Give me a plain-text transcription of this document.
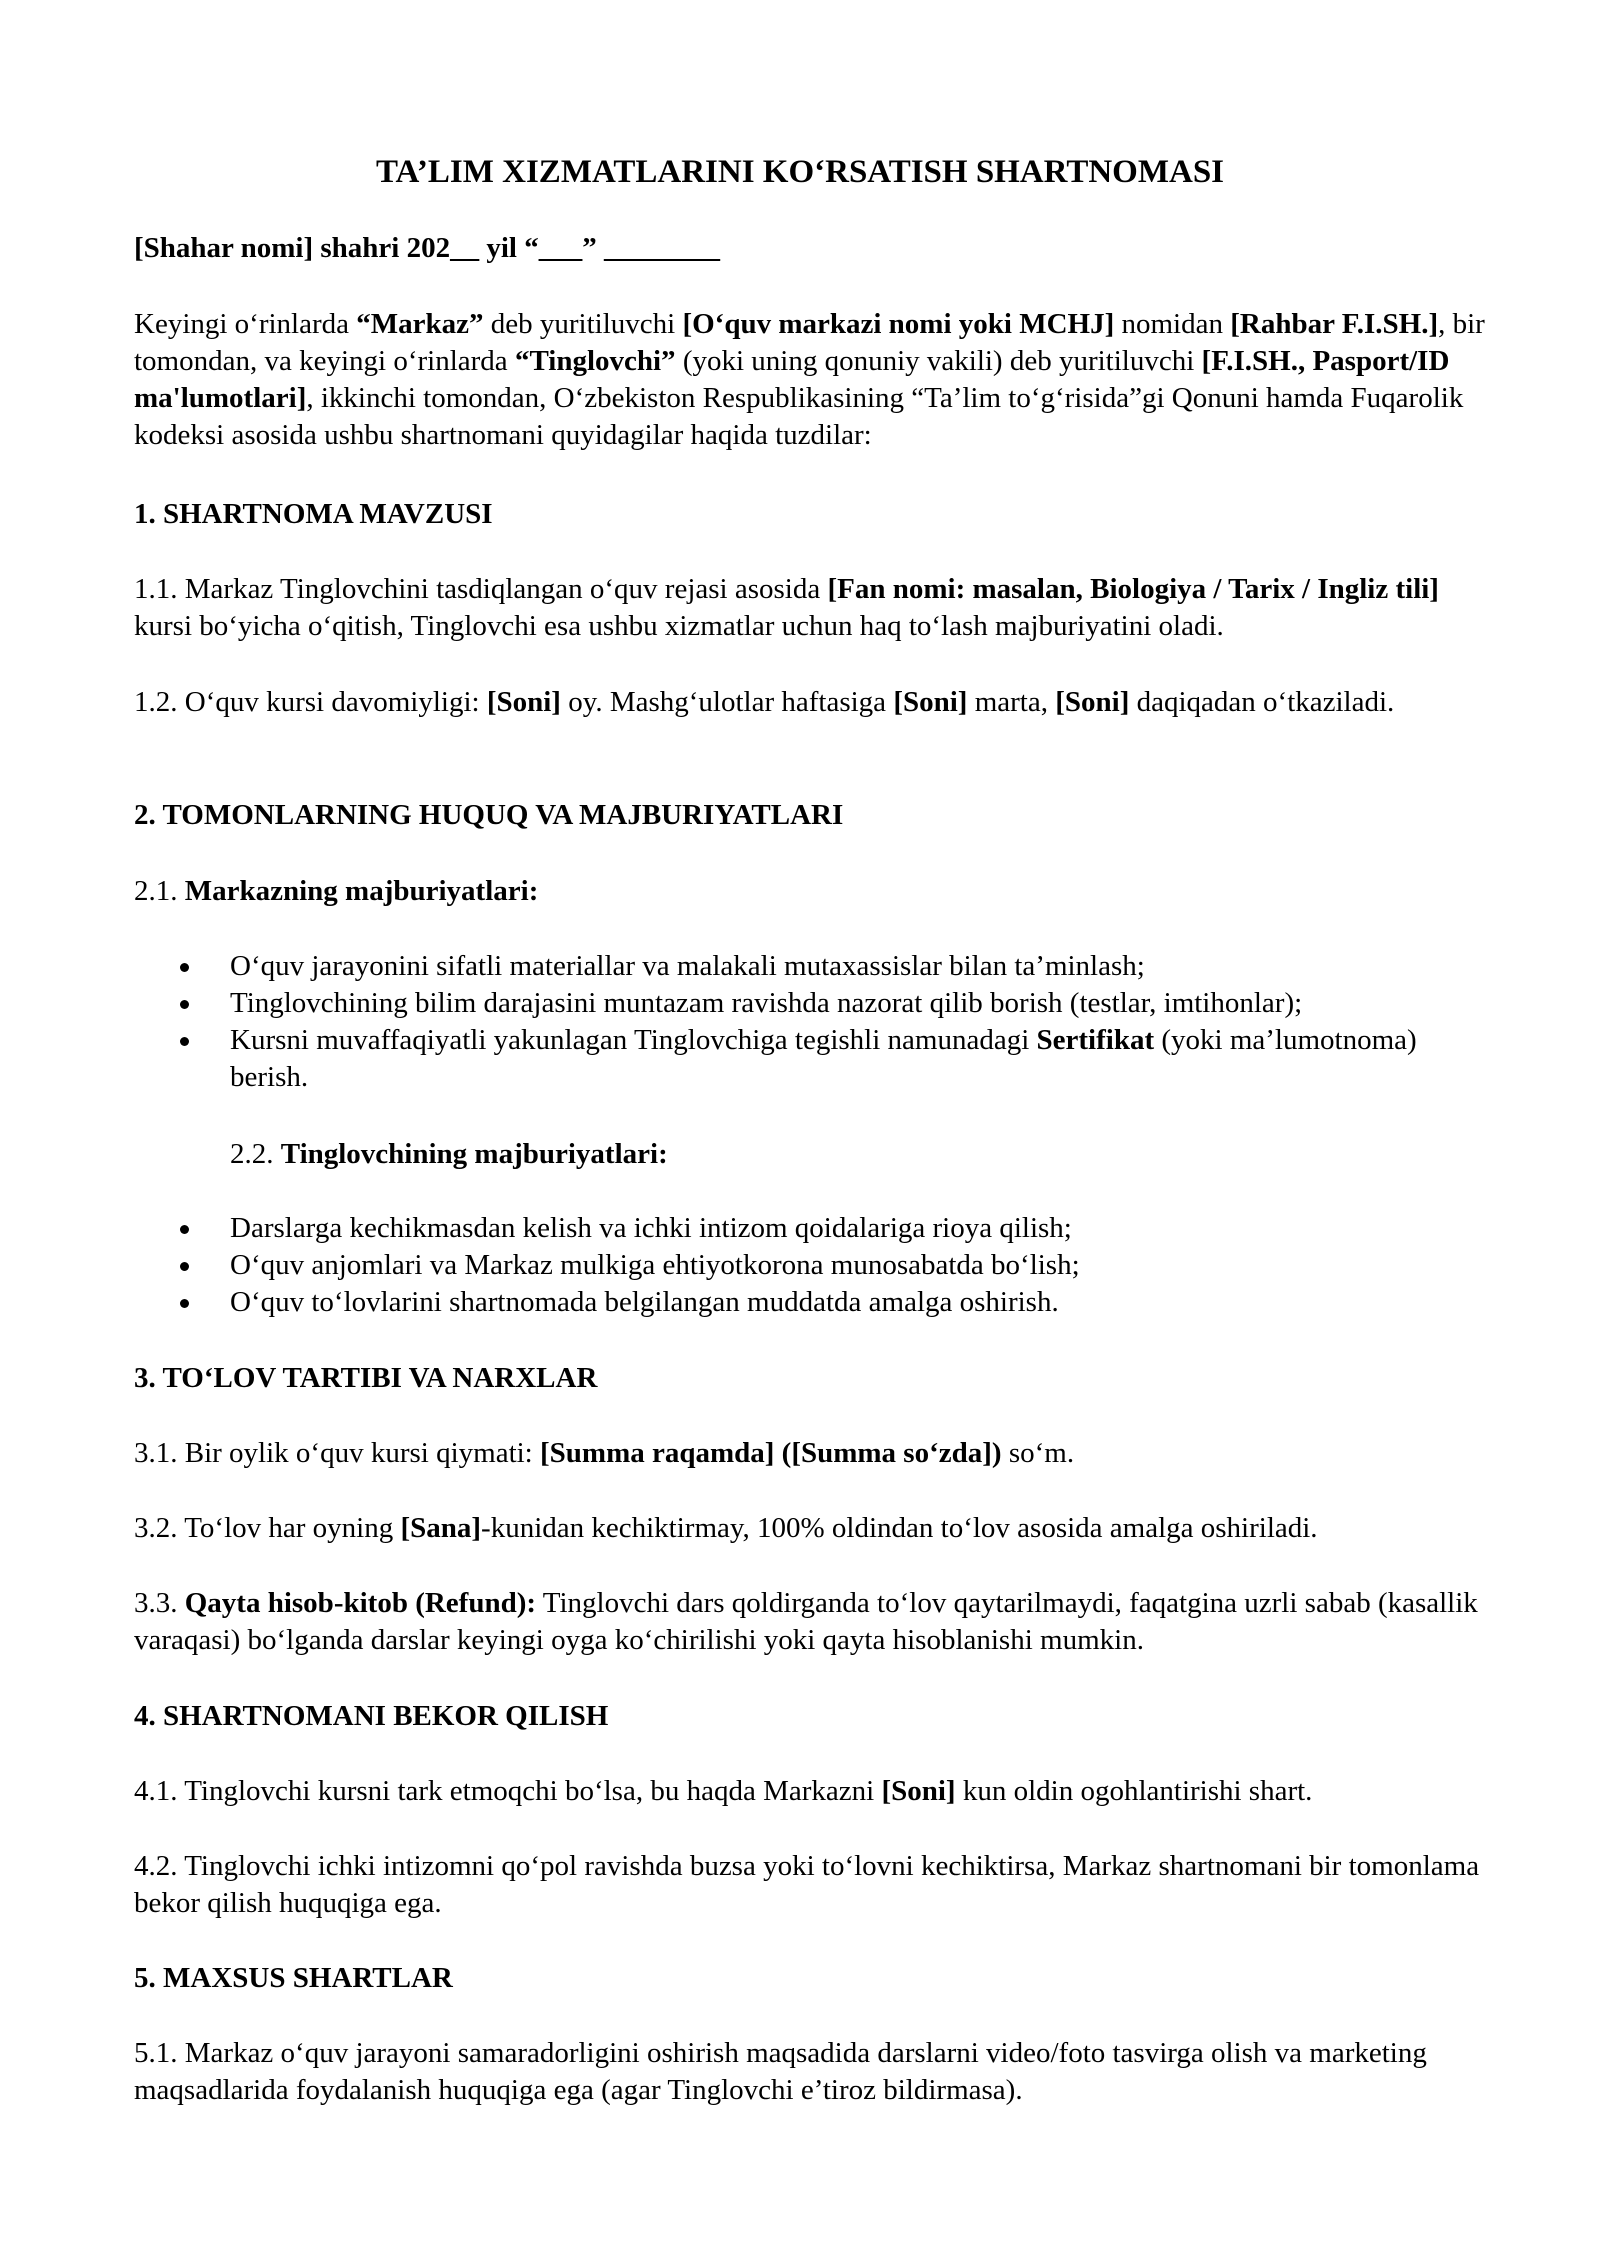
TA’LIM XIZMATLARINI KO‘RSATISH SHARTNOMASI

[Shahar nomi] shahri 202__ yil “___” ________

Keyingi o‘rinlarda “Markaz” deb yuritiluvchi [O‘quv markazi nomi yoki MCHJ] nomidan [Rahbar F.I.SH.], bir tomondan, va keyingi o‘rinlarda “Tinglovchi” (yoki uning qonuniy vakili) deb yuritiluvchi [F.I.SH., Pasport/ID ma'lumotlari], ikkinchi tomondan, O‘zbekiston Respublikasining “Ta’lim to‘g‘risida”gi Qonuni hamda Fuqarolik kodeksi asosida ushbu shartnomani quyidagilar haqida tuzdilar:

1. SHARTNOMA MAVZUSI

1.1. Markaz Tinglovchini tasdiqlangan o‘quv rejasi asosida [Fan nomi: masalan, Biologiya / Tarix / Ingliz tili] kursi bo‘yicha o‘qitish, Tinglovchi esa ushbu xizmatlar uchun haq to‘lash majburiyatini oladi.

1.2. O‘quv kursi davomiyligi: [Soni] oy. Mashg‘ulotlar haftasiga [Soni] marta, [Soni] daqiqadan o‘tkaziladi.

2. TOMONLARNING HUQUQ VA MAJBURIYATLARI

2.1. Markazning majburiyatlari:

O‘quv jarayonini sifatli materiallar va malakali mutaxassislar bilan ta’minlash;
Tinglovchining bilim darajasini muntazam ravishda nazorat qilib borish (testlar, imtihonlar);
Kursni muvaffaqiyatli yakunlagan Tinglovchiga tegishli namunadagi Sertifikat (yoki ma’lumotnoma) berish.

2.2. Tinglovchining majburiyatlari:

Darslarga kechikmasdan kelish va ichki intizom qoidalariga rioya qilish;
O‘quv anjomlari va Markaz mulkiga ehtiyotkorona munosabatda bo‘lish;
O‘quv to‘lovlarini shartnomada belgilangan muddatda amalga oshirish.

3. TO‘LOV TARTIBI VA NARXLAR

3.1. Bir oylik o‘quv kursi qiymati: [Summa raqamda] ([Summa so‘zda]) so‘m.

3.2. To‘lov har oyning [Sana]-kunidan kechiktirmay, 100% oldindan to‘lov asosida amalga oshiriladi.

3.3. Qayta hisob-kitob (Refund): Tinglovchi dars qoldirganda to‘lov qaytarilmaydi, faqatgina uzrli sabab (kasallik varaqasi) bo‘lganda darslar keyingi oyga ko‘chirilishi yoki qayta hisoblanishi mumkin.

4. SHARTNOMANI BEKOR QILISH

4.1. Tinglovchi kursni tark etmoqchi bo‘lsa, bu haqda Markazni [Soni] kun oldin ogohlantirishi shart.

4.2. Tinglovchi ichki intizomni qo‘pol ravishda buzsa yoki to‘lovni kechiktirsa, Markaz shartnomani bir tomonlama bekor qilish huquqiga ega.

5. MAXSUS SHARTLAR

5.1. Markaz o‘quv jarayoni samaradorligini oshirish maqsadida darslarni video/foto tasvirga olish va marketing maqsadlarida foydalanish huquqiga ega (agar Tinglovchi e’tiroz bildirmasa).
